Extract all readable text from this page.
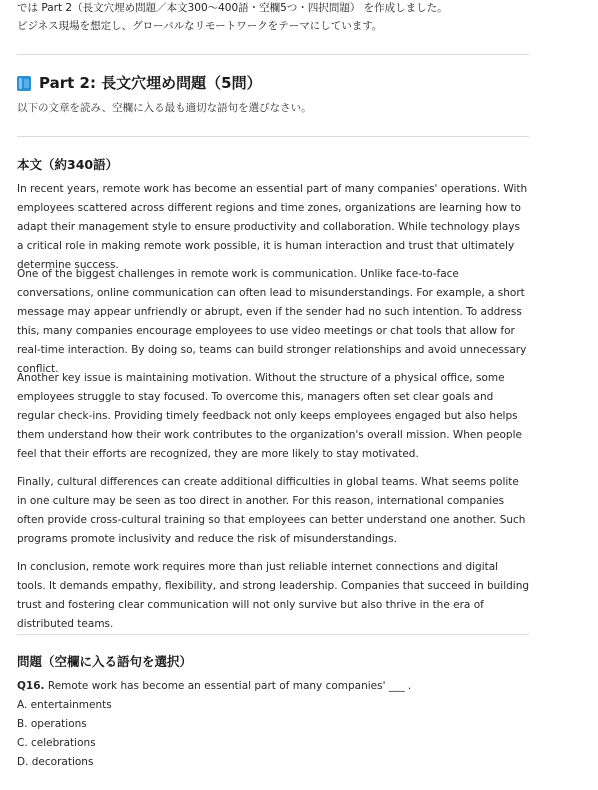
では Part 2（長文穴埋め問題／本文300〜400語・空欄5つ・四択問題） を作成しました。
ビジネス現場を想定し、グローバルなリモートワークをテーマにしています。
Part 2: 長文穴埋め問題（5問）
以下の文章を読み、空欄に入る最も適切な語句を選びなさい。
本文（約340語）

In recent years, remote work has become an essential part of many companies' operations. With employees scattered across different regions and time zones, organizations are learning how to adapt their management style to ensure productivity and collaboration. While technology plays a critical role in making remote work possible, it is human interaction and trust that ultimately determine success.

One of the biggest challenges in remote work is communication. Unlike face-to-face conversations, online communication can often lead to misunderstandings. For example, a short message may appear unfriendly or abrupt, even if the sender had no such intention. To address this, many companies encourage employees to use video meetings or chat tools that allow for real-time interaction. By doing so, teams can build stronger relationships and avoid unnecessary conflict.

Another key issue is maintaining motivation. Without the structure of a physical office, some employees struggle to stay focused. To overcome this, managers often set clear goals and regular check-ins. Providing timely feedback not only keeps employees engaged but also helps them understand how their work contributes to the organization's overall mission. When people feel that their efforts are recognized, they are more likely to stay motivated.

Finally, cultural differences can create additional difficulties in global teams. What seems polite in one culture may be seen as too direct in another. For this reason, international companies often provide cross-cultural training so that employees can better understand one another. Such programs promote inclusivity and reduce the risk of misunderstandings.

In conclusion, remote work requires more than just reliable internet connections and digital tools. It demands empathy, flexibility, and strong leadership. Companies that succeed in building trust and fostering clear communication will not only survive but also thrive in the era of distributed teams.

問題（空欄に入る語句を選択）
Q16. Remote work has become an essential part of many companies' ___ .
A. entertainments
B. operations
C. celebrations
D. decorations
